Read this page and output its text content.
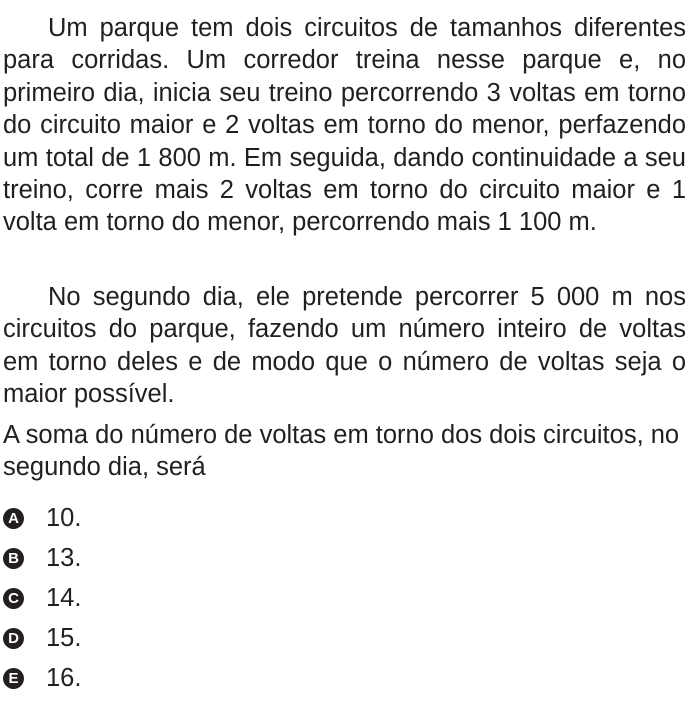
Um parque tem dois circuitos de tamanhos diferentes para corridas. Um corredor treina nesse parque e, no primeiro dia, inicia seu treino percorrendo 3 voltas em torno do circuito maior e 2 voltas em torno do menor, perfazendo um total de 1 800 m. Em seguida, dando continuidade a seu treino, corre mais 2 voltas em torno do circuito maior e 1 volta em torno do menor, percorrendo mais 1 100 m.

No segundo dia, ele pretende percorrer 5 000 m nos circuitos do parque, fazendo um número inteiro de voltas em torno deles e de modo que o número de voltas seja o maior possível.

A soma do número de voltas em torno dos dois circuitos, no segundo dia, será

A 10.
B 13.
C 14.
D 15.
E 16.
